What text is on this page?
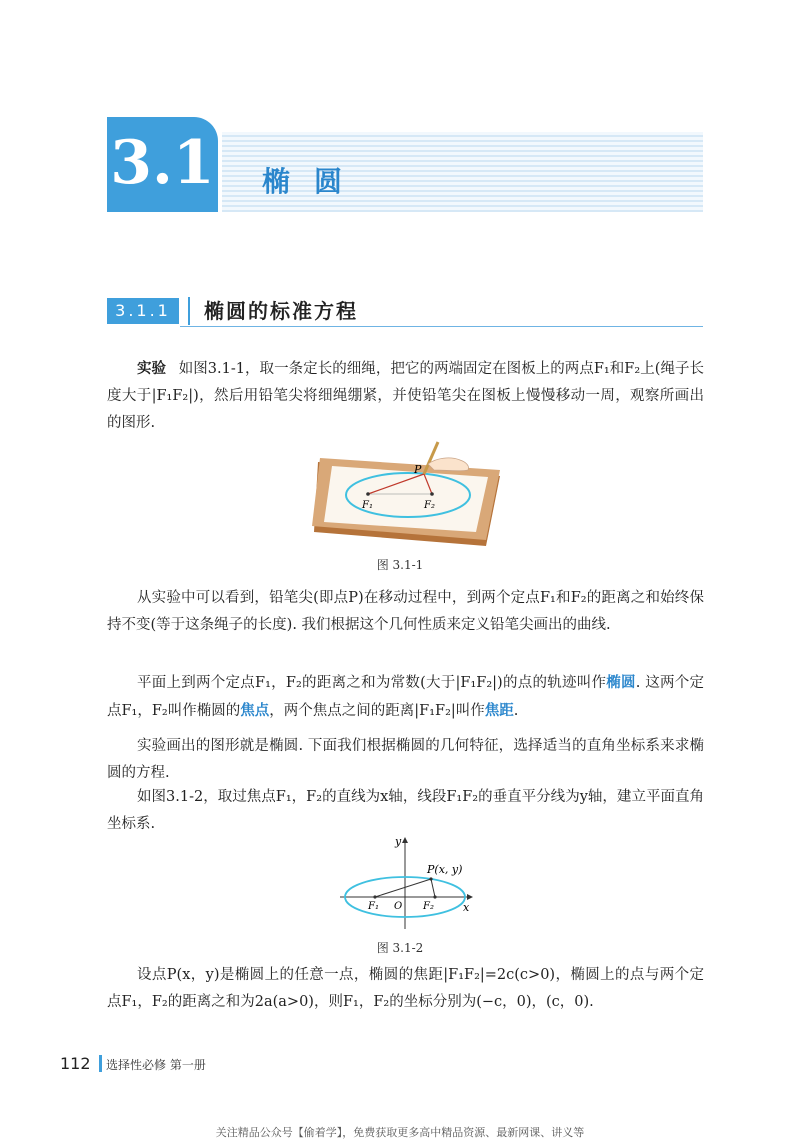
3.1 椭圆
3.1.1	椭圆的标准方程
实验 如图3.1-1，取一条定长的细绳，把它的两端固定在图板上的两点F₁和F₂上(绳子长度大于|F₁F₂|)，然后用铅笔尖将细绳绷紧，并使铅笔尖在图板上慢慢移动一周，观察所画出的图形.
P
F₁	F₂
图 3.1-1
从实验中可以看到，铅笔尖(即点P)在移动过程中，到两个定点F₁和F₂的距离之和始终保持不变(等于这条绳子的长度). 我们根据这个几何性质来定义铅笔尖画出的曲线.
平面上到两个定点F₁，F₂的距离之和为常数(大于|F₁F₂|)的点的轨迹叫作椭圆. 这两个定点F₁，F₂叫作椭圆的焦点，两个焦点之间的距离|F₁F₂|叫作焦距.
实验画出的图形就是椭圆. 下面我们根据椭圆的几何特征，选择适当的直角坐标系来求椭圆的方程.
如图3.1-2，取过焦点F₁，F₂的直线为x轴，线段F₁F₂的垂直平分线为y轴，建立平面直角坐标系.
y
x
P(x, y)
O
F₁	F₂
图 3.1-2
设点P(x，y)是椭圆上的任意一点，椭圆的焦距|F₁F₂|=2c(c>0)，椭圆上的点与两个定点F₁，F₂的距离之和为2a(a>0)，则F₁，F₂的坐标分别为(−c，0)，(c，0).
112 选择性必修 第一册
关注精品公众号【偷着学】，免费获取更多高中精品资源、最新网课、讲义等
